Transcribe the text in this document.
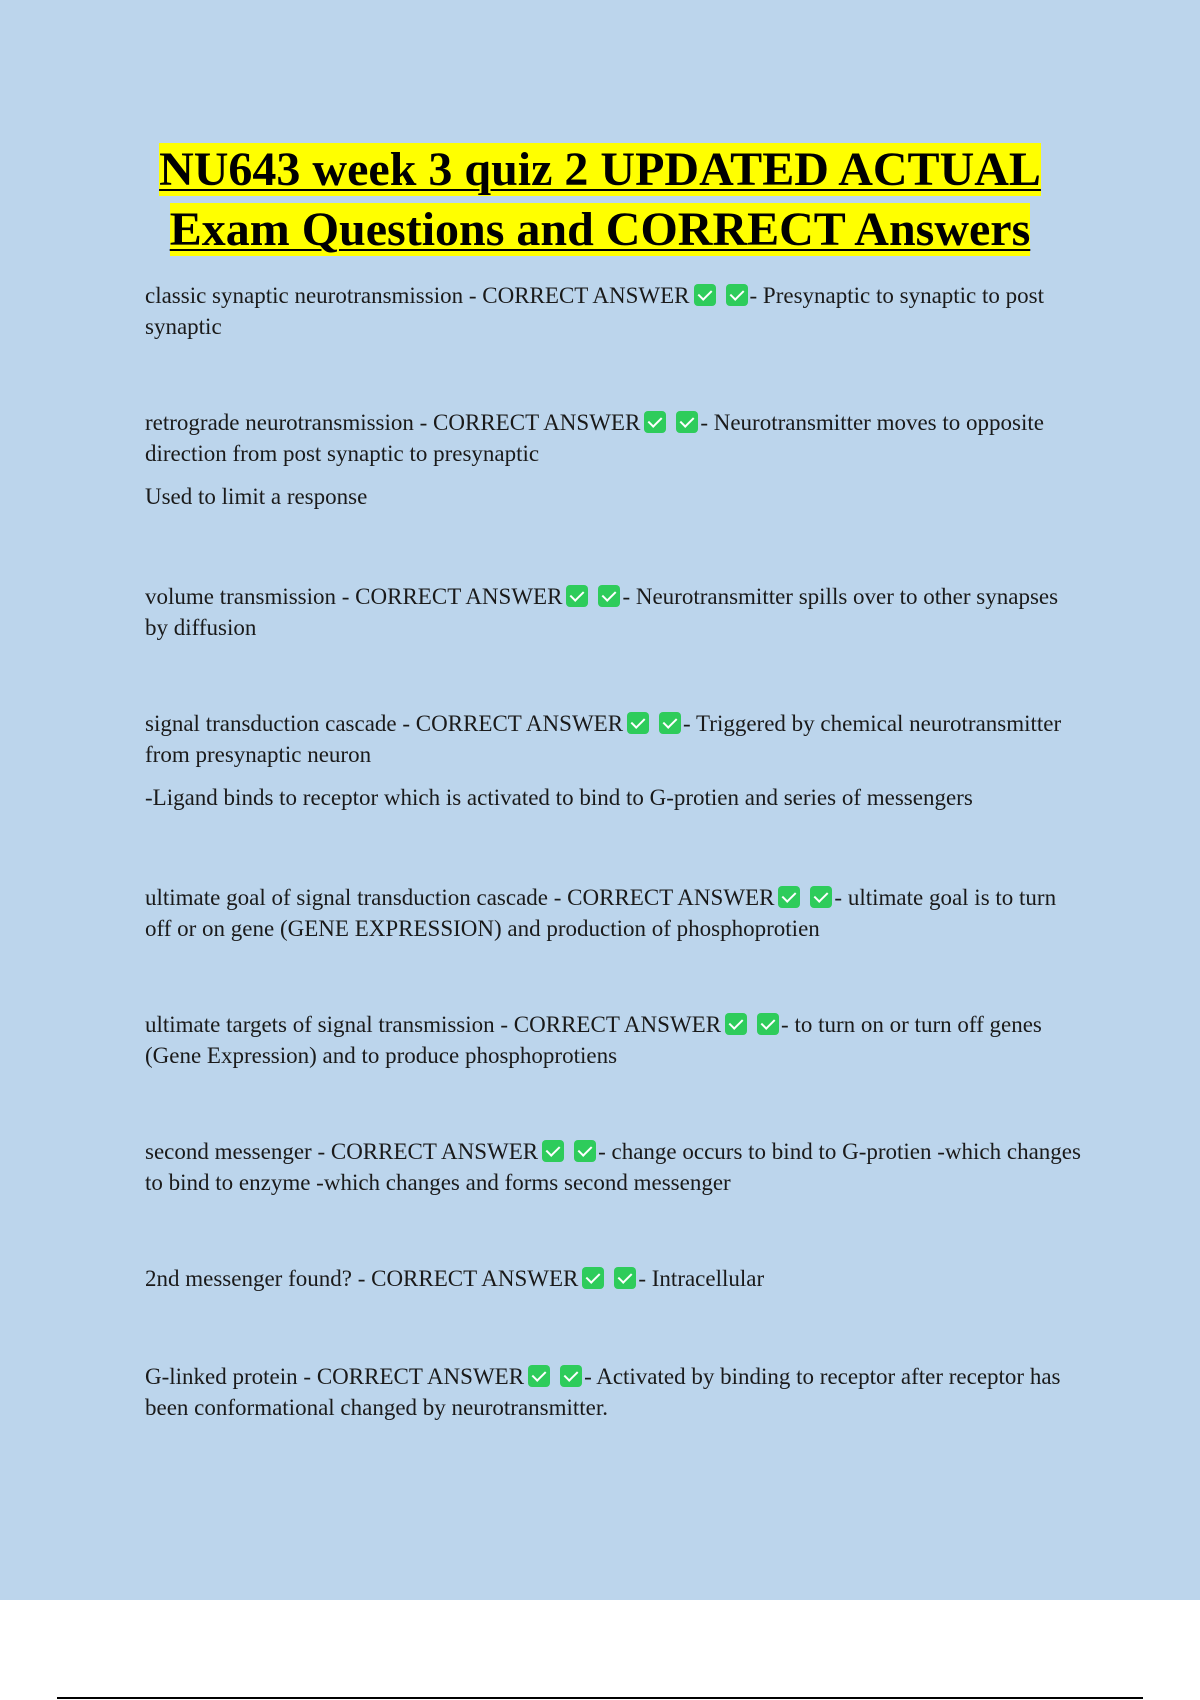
NU643 week 3 quiz 2 UPDATED ACTUAL
Exam Questions and CORRECT Answers

classic synaptic neurotransmission - CORRECT ANSWER	- Presynaptic to synaptic to post synaptic

retrograde neurotransmission - CORRECT ANSWER	- Neurotransmitter moves to opposite direction from post synaptic to presynaptic

Used to limit a response

volume transmission - CORRECT ANSWER	- Neurotransmitter spills over to other synapses by diffusion

signal transduction cascade - CORRECT ANSWER	- Triggered by chemical neurotransmitter from presynaptic neuron

-Ligand binds to receptor which is activated to bind to G-protien and series of messengers

ultimate goal of signal transduction cascade - CORRECT ANSWER	- ultimate goal is to turn off or on gene (GENE EXPRESSION) and production of phosphoprotien

ultimate targets of signal transmission - CORRECT ANSWER	- to turn on or turn off genes (Gene Expression) and to produce phosphoprotiens

second messenger - CORRECT ANSWER	- change occurs to bind to G-protien -which changes to bind to enzyme -which changes and forms second messenger

2nd messenger found? - CORRECT ANSWER	- Intracellular

G-linked protein - CORRECT ANSWER	- Activated by binding to receptor after receptor has been conformational changed by neurotransmitter.
